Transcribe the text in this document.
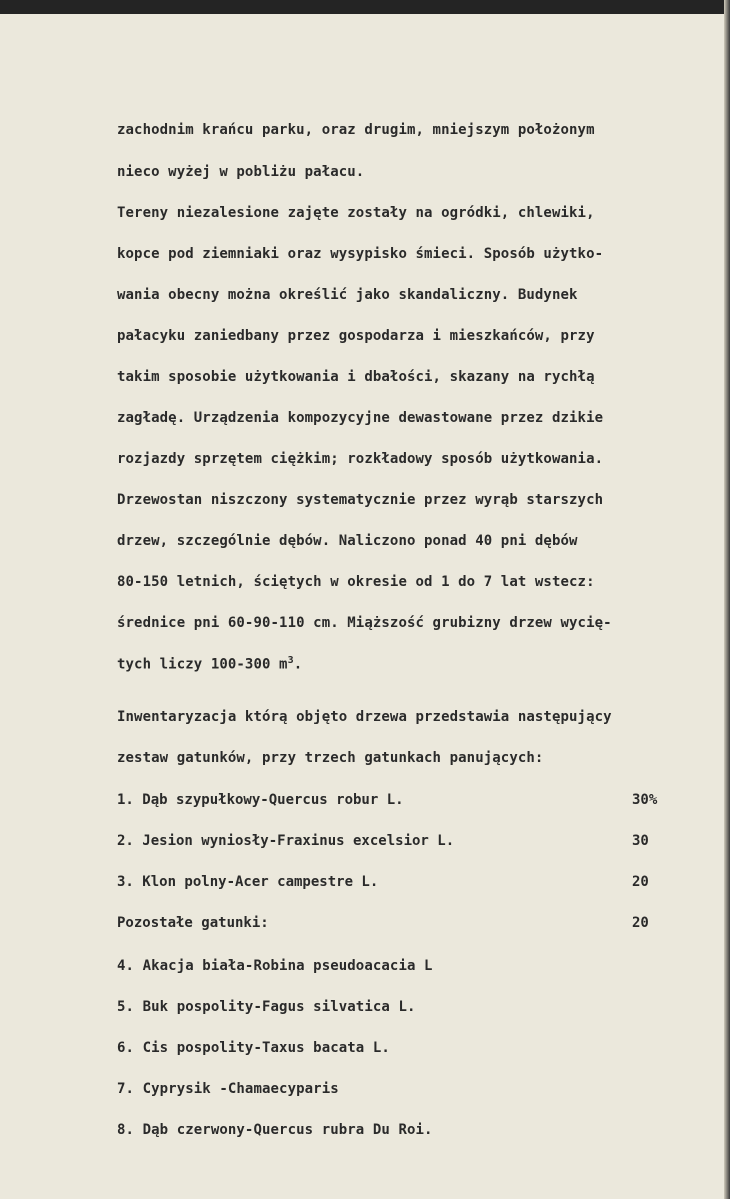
zachodnim krańcu parku, oraz drugim, mniejszym położonym
nieco wyżej w pobliżu pałacu.
Tereny niezalesione zajęte zostały na ogródki, chlewiki,
kopce pod ziemniaki oraz wysypisko śmieci. Sposób użytko-
wania obecny można określić jako skandaliczny. Budynek
pałacyku zaniedbany przez gospodarza i mieszkańców, przy
takim sposobie użytkowania i dbałości, skazany na rychłą
zagładę. Urządzenia kompozycyjne dewastowane przez dzikie
rozjazdy sprzętem ciężkim; rozkładowy sposób użytkowania.
Drzewostan niszczony systematycznie przez wyrąb starszych
drzew, szczególnie dębów. Naliczono ponad 40 pni dębów
80-150 letnich, ściętych w okresie od 1 do 7 lat wstecz:
średnice pni 60-90-110 cm. Miąższość grubizny drzew wycię-
tych liczy 100-300 $m^3$.
Inwentaryzacja którą objęto drzewa przedstawia następujący
zestaw gatunków, przy trzech gatunkach panujących:
1. Dąb szypułkowy-Quercus robur L.	30%
2. Jesion wyniosły-Fraxinus excelsior L.	30
3. Klon polny-Acer campestre L.	20
Pozostałe gatunki:	20
4. Akacja biała-Robina pseudoacacia L
5. Buk pospolity-Fagus silvatica L.
6. Cis pospolity-Taxus bacata L.
7. Cyprysik -Chamaecyparis
8. Dąb czerwony-Quercus rubra Du Roi.
